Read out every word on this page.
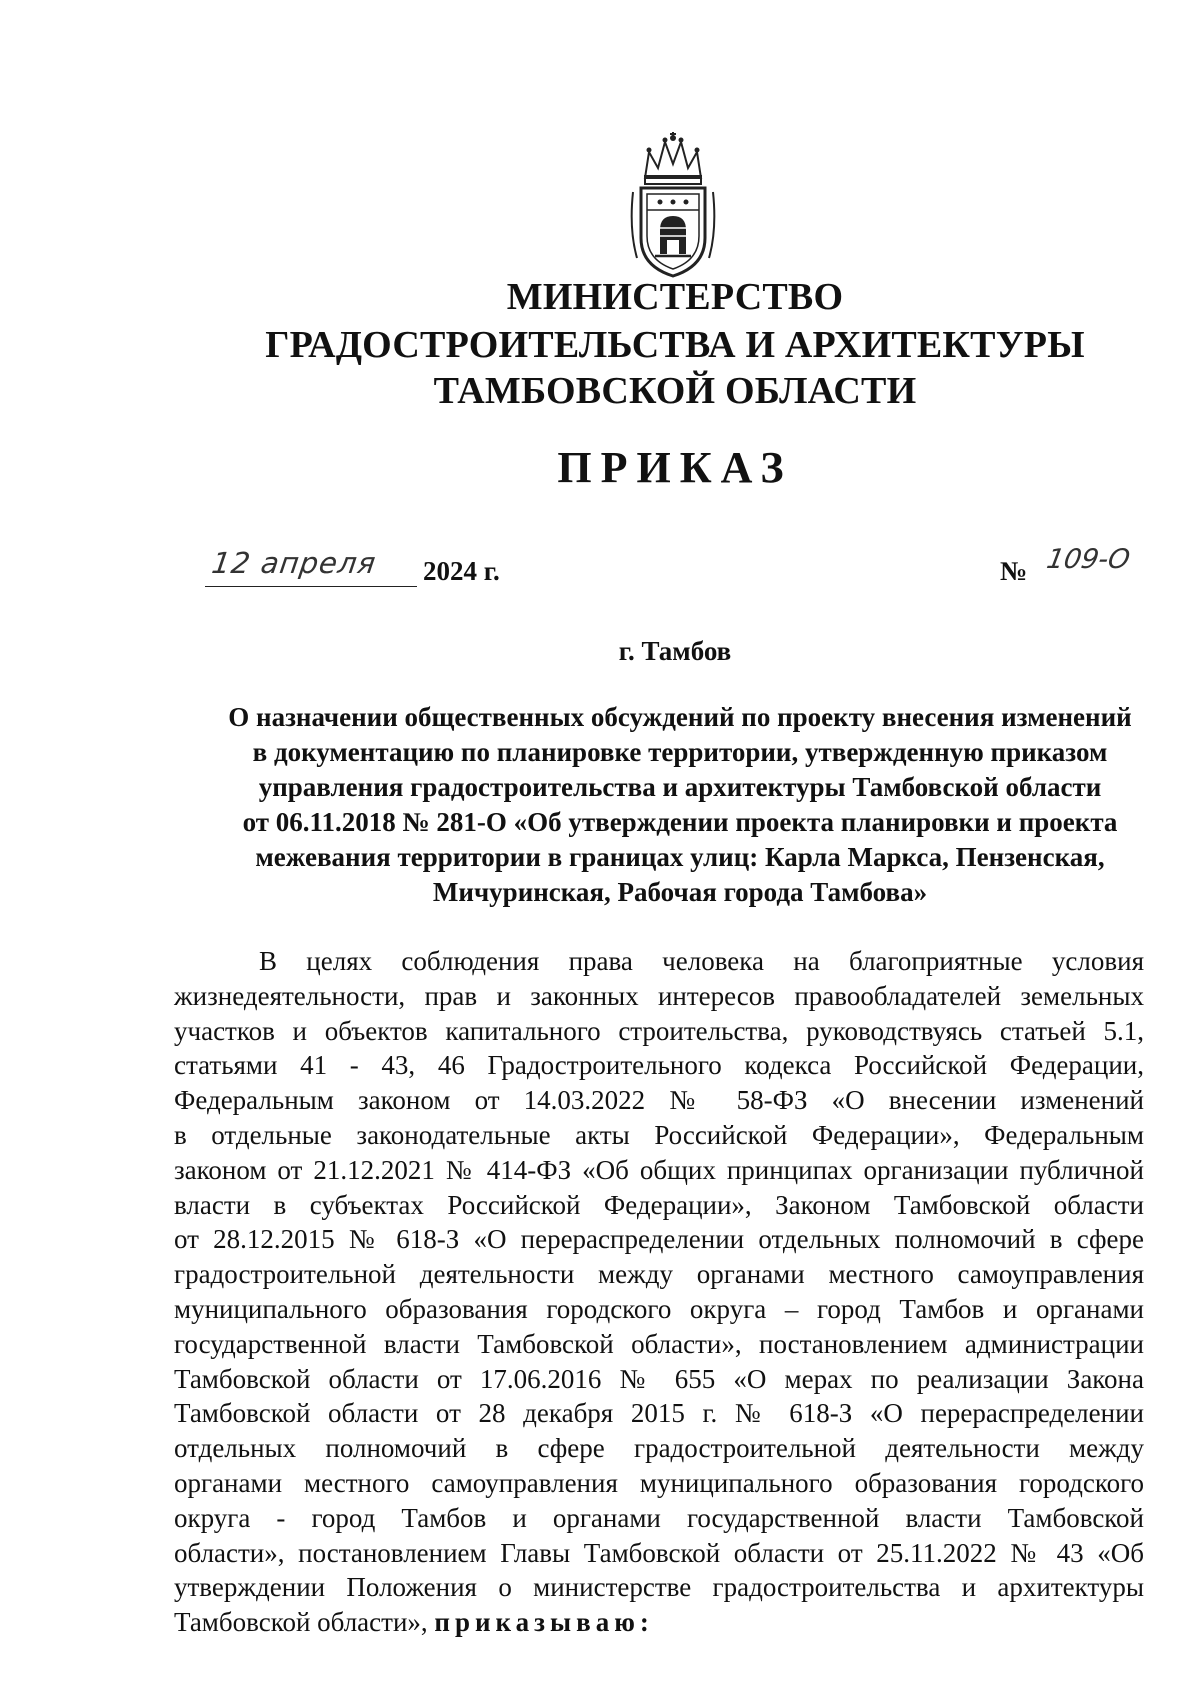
МИНИСТЕРСТВО
ГРАДОСТРОИТЕЛЬСТВА И АРХИТЕКТУРЫ
ТАМБОВСКОЙ ОБЛАСТИ
ПРИКАЗ
12 апреля 2024 г.	№ 109-О
г. Тамбов
О назначении общественных обсуждений по проекту внесения изменений
в документацию по планировке территории, утвержденную приказом
управления градостроительства и архитектуры Тамбовской области
от 06.11.2018 № 281-О «Об утверждении проекта планировки и проекта
межевания территории в границах улиц: Карла Маркса, Пензенская,
Мичуринская, Рабочая города Тамбова»
В целях соблюдения права человека на благоприятные условия
жизнедеятельности, прав и законных интересов правообладателей земельных
участков и объектов капитального строительства, руководствуясь статьей 5.1,
статьями 41 - 43, 46 Градостроительного кодекса Российской Федерации,
Федеральным законом от 14.03.2022 № 58-ФЗ «О внесении изменений
в отдельные законодательные акты Российской Федерации», Федеральным
законом от 21.12.2021 № 414-ФЗ «Об общих принципах организации публичной
власти в субъектах Российской Федерации», Законом Тамбовской области
от 28.12.2015 № 618-З «О перераспределении отдельных полномочий в сфере
градостроительной деятельности между органами местного самоуправления
муниципального образования городского округа – город Тамбов и органами
государственной власти Тамбовской области», постановлением администрации
Тамбовской области от 17.06.2016 № 655 «О мерах по реализации Закона
Тамбовской области от 28 декабря 2015 г. № 618-З «О перераспределении
отдельных полномочий в сфере градостроительной деятельности между
органами местного самоуправления муниципального образования городского
округа - город Тамбов и органами государственной власти Тамбовской
области», постановлением Главы Тамбовской области от 25.11.2022 № 43 «Об
утверждении Положения о министерстве градостроительства и архитектуры
Тамбовской области», приказываю:
